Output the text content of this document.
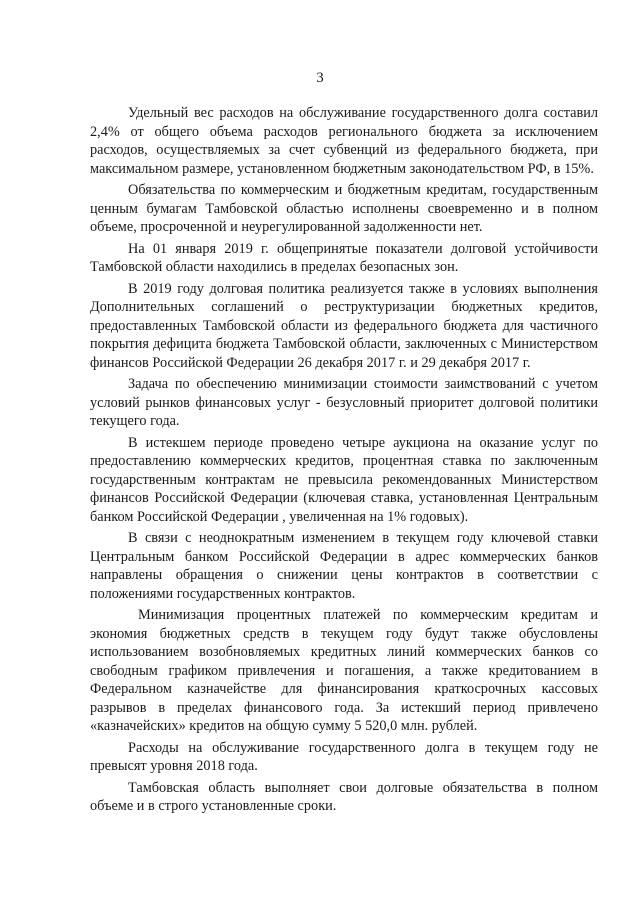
3

Удельный вес расходов на обслуживание государственного долга составил 2,4% от общего объема расходов регионального бюджета за исключением расходов, осуществляемых за счет субвенций из федерального бюджета, при максимальном размере, установленном бюджетным законодательством РФ, в 15%.

Обязательства по коммерческим и бюджетным кредитам, государственным ценным бумагам Тамбовской областью исполнены своевременно и в полном объеме, просроченной и неурегулированной задолженности нет.

На 01 января 2019 г. общепринятые показатели долговой устойчивости Тамбовской области находились в пределах безопасных зон.

В 2019 году долговая политика реализуется также в условиях выполнения Дополнительных соглашений о реструктуризации бюджетных кредитов, предоставленных Тамбовской области из федерального бюджета для частичного покрытия дефицита бюджета Тамбовской области, заключенных с Министерством финансов Российской Федерации 26 декабря 2017 г. и 29 декабря 2017 г.

Задача по обеспечению минимизации стоимости заимствований с учетом условий рынков финансовых услуг - безусловный приоритет долговой политики текущего года.

В истекшем периоде проведено четыре аукциона на оказание услуг по предоставлению коммерческих кредитов, процентная ставка по заключенным государственным контрактам не превысила рекомендованных Министерством финансов Российской Федерации (ключевая ставка, установленная Центральным банком Российской Федерации , увеличенная на 1% годовых).

В связи с неоднократным изменением в текущем году ключевой ставки Центральным банком Российской Федерации в адрес коммерческих банков направлены обращения о снижении цены контрактов в соответствии с положениями государственных контрактов.

Минимизация процентных платежей по коммерческим кредитам и экономия бюджетных средств в текущем году будут также обусловлены использованием возобновляемых кредитных линий коммерческих банков со свободным графиком привлечения и погашения, а также кредитованием в Федеральном казначействе для финансирования краткосрочных кассовых разрывов в пределах финансового года. За истекший период привлечено «казначейских» кредитов на общую сумму 5 520,0 млн. рублей.

Расходы на обслуживание государственного долга в текущем году не превысят уровня 2018 года.

Тамбовская область выполняет свои долговые обязательства в полном объеме и в строго установленные сроки.
